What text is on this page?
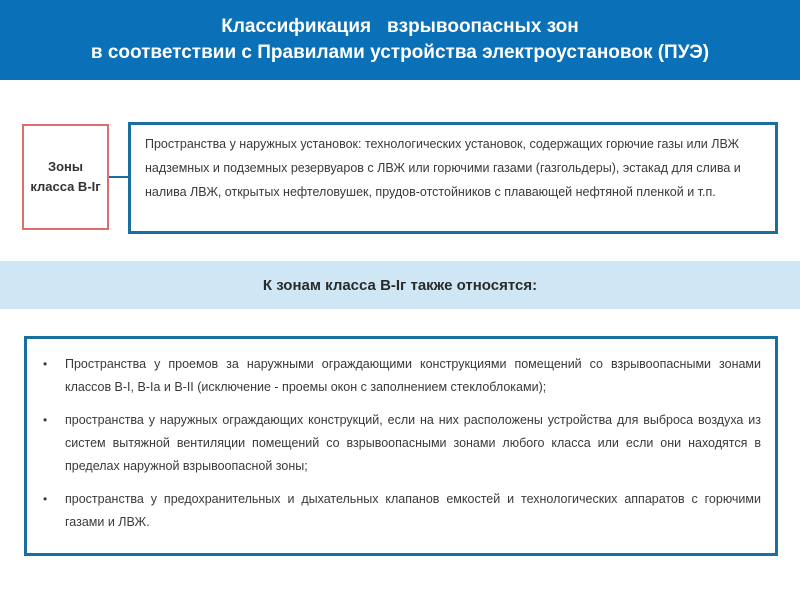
Классификация   взрывоопасных зон
в соответствии с Правилами устройства электроустановок (ПУЭ)
Зоны
класса В-Iг
Пространства у наружных установок: технологических установок, содержащих горючие газы или ЛВЖ надземных и подземных резервуаров с ЛВЖ или горючими газами (газгольдеры), эстакад для слива и налива ЛВЖ, открытых нефтеловушек, прудов-отстойников с плавающей нефтяной пленкой и т.п.
К зонам класса В-Iг также относятся:
• Пространства у проемов за наружными ограждающими конструкциями помещений со взрывоопасными зонами классов В-I, В-Iа и В-II (исключение - проемы окон с заполнением стеклоблоками);
• пространства у наружных ограждающих конструкций, если на них расположены устройства для выброса воздуха из систем вытяжной вентиляции помещений со взрывоопасными зонами любого класса или если они находятся в пределах наружной взрывоопасной зоны;
• пространства у предохранительных и дыхательных клапанов емкостей и технологических аппаратов с горючими газами и ЛВЖ.
